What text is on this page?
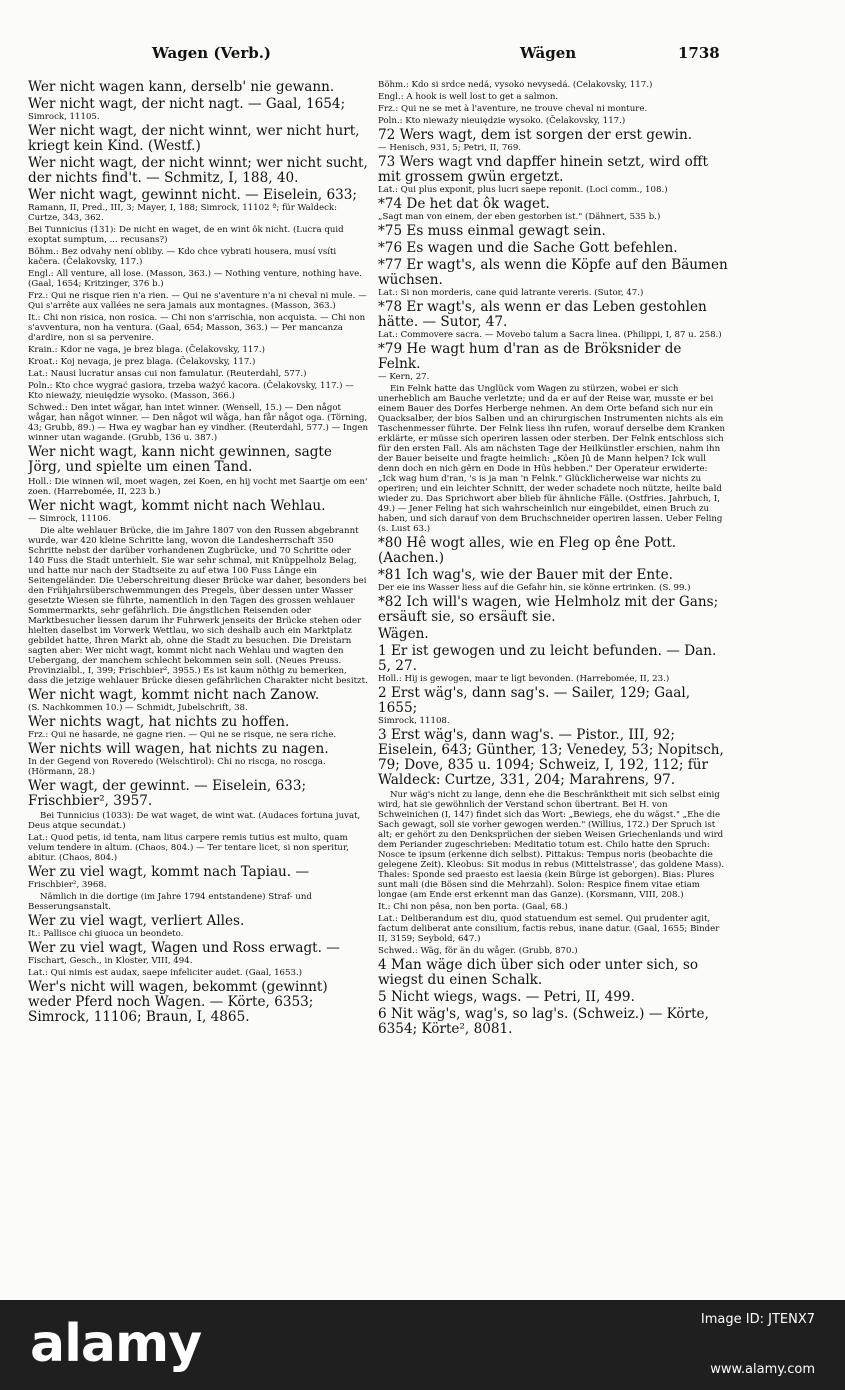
Wagen (Verb.)	Wägen	1738
Wer nicht wagen kann, derselb' nie gewann.
Wer nicht wagt, der nicht nagt. — Gaal, 1654;
Simrock, 11105.
Wer nicht wagt, der nicht winnt, wer nicht hurt, kriegt kein Kind. (Westf.)
Wer nicht wagt, der nicht winnt; wer nicht sucht, der nichts find't. — Schmitz, I, 188, 40.
Wer nicht wagt, gewinnt nicht. — Eiselein, 633;
Ramann, II, Pred., III, 3; Mayer, I, 188; Simrock, 11102 ª; für Waldeck: Curtze, 343, 362.
Bei Tunnicius (131): De nicht en waget, de en wint ôk nicht. (Lucra quid exoptat sumptum, ... recusans?)
Böhm.: Bez odvahy není obliby. — Kdo chce vybrati housera, musí vsíti kačera. (Čelakovsky, 117.)
Engl.: All venture, all lose. (Masson, 363.) — Nothing venture, nothing have. (Gaal, 1654; Kritzinger, 376 b.)
Frz.: Qui ne risque rien n'a rien. — Qui ne s'aventure n'a ni cheval ni mule. — Qui s'arrête aux vallées ne sera jamais aux montagnes. (Masson, 363.)
It.: Chi non risica, non rosica. — Chi non s'arrischia, non acquista. — Chi non s'avventura, non ha ventura. (Gaal, 654; Masson, 363.) — Per mancanza d'ardire, non si sa pervenire.
Krain.: Kdor ne vaga, je brez blaga. (Čelakovsky, 117.)
Kroat.: Koj nevaga, je prez blaga. (Čelakovsky, 117.)
Lat.: Nausi lucratur ansas cui non famulatur. (Reuterdahl, 577.)
Poln.: Kto chce wygrać gasiora, trzeba ważyć kacora. (Čelakovsky, 117.) — Kto nieważy, nieuiędzie wysoko. (Masson, 366.)
Schwed.: Den intet wågar, han intet winner. (Wensell, 15.) — Den något wågar, han något winner. — Den något wil wåga, han får något oga. (Törning, 43; Grubb, 89.) — Hwa ey wagbar han ey vindher. (Reuterdahl, 577.) — Ingen winner utan wagande. (Grubb, 136 u. 387.)
Wer nicht wagt, kann nicht gewinnen, sagte Jörg, und spielte um einen Tand.
Holl.: Die winnen wil, moet wagen, zei Koen, en hij vocht met Saartje om een' zoen. (Harrebomée, II, 223 b.)
Wer nicht wagt, kommt nicht nach Wehlau.
— Simrock, 11106.
Die alte wehlauer Brücke, die im Jahre 1807 von den Russen abgebrannt wurde, war 420 kleine Schritte lang, wovon die Landesherrschaft 350 Schritte nebst der darüber vorhandenen Zugbrücke, und 70 Schritte oder 140 Fuss die Stadt unterhielt. Sie war sehr schmal, mit Knüppelholz Belag, und hatte nur nach der Stadtseite zu auf etwa 100 Fuss Länge ein Seitengeländer. Die Ueberschreitung dieser Brücke war daher, besonders bei den Frühjahrsüberschwemmungen des Pregels, über dessen unter Wasser gesetzte Wiesen sie führte, namentlich in den Tagen des grossen wehlauer Sommermarkts, sehr gefährlich. Die ängstlichen Reisenden oder Marktbesucher liessen darum ihr Fuhrwerk jenseits der Brücke stehen oder hielten daselbst im Vorwerk Wettlau, wo sich deshalb auch ein Marktplatz gebildet hatte, Ihren Markt ab, ohne die Stadt zu besuchen. Die Dreistarn sagten aber: Wer nicht wagt, kommt nicht nach Wehlau und wagten den Uebergang, der manchem schlecht bekommen sein soll. (Neues Preuss. Provinzialbl., I, 399; Frischbier², 3955.) Es ist kaum nöthig zu bemerken, dass die jetzige wehlauer Brücke diesen gefährlichen Charakter nicht besitzt.
Wer nicht wagt, kommt nicht nach Zanow.
(S. Nachkommen 10.) — Schmidt, Jubelschrift, 38.
Wer nichts wagt, hat nichts zu hoffen.
Frz.: Qui ne hasarde, ne gagne rien. — Qui ne se risque, ne sera riche.
Wer nichts will wagen, hat nichts zu nagen.
In der Gegend von Roveredo (Welschtirol): Chi no riscga, no roscga. (Hörmann, 28.)
Wer wagt, der gewinnt. — Eiselein, 633; Frischbier², 3957.
Bei Tunnicius (1033): De wat waget, de wint wat. (Audaces fortuna juvat, Deus atque secundat.)
Lat.: Quod petis, id tenta, nam litus carpere remis tutius est multo, quam velum tendere in altum. (Chaos, 804.) — Ter tentare licet, si non speritur, abitur. (Chaos, 804.)
Wer zu viel wagt, kommt nach Tapiau. —
Frischbier², 3968.
Nämlich in die dortige (im Jahre 1794 entstandene) Straf- und Besserungsanstalt.
Wer zu viel wagt, verliert Alles.
It.: Pallisce chi giuoca un beondeto.
Wer zu viel wagt, Wagen und Ross erwagt. —
Fischart, Gesch., in Kloster, VIII, 494.
Lat.: Qui nimis est audax, saepe infeliciter audet. (Gaal, 1653.)
Wer's nicht will wagen, bekommt (gewinnt) weder Pferd noch Wagen. — Körte, 6353; Simrock, 11106; Braun, I, 4865.
Böhm.: Kdo si srdce nedá, vysoko nevysedá. (Čelakovsky, 117.)
Engl.: A hook is well lost to get a salmon.
Frz.: Qui ne se met à l'aventure, ne trouve cheval ni monture.
Poln.: Kto nieważy nieuiędzie wysoko. (Čelakovsky, 117.)
72 Wers wagt, dem ist sorgen der erst gewin.
— Henisch, 931, 5; Petri, II, 769.
73 Wers wagt vnd dapffer hinein setzt, wird offt mit grossem gwün ergetzt.
Lat.: Qui plus exponit, plus lucri saepe reponit. (Loci comm., 108.)
*74 De het dat ôk waget.
„Sagt man von einem, der eben gestorben ist." (Dähnert, 535 b.)
*75 Es muss einmal gewagt sein.
*76 Es wagen und die Sache Gott befehlen.
*77 Er wagt's, als wenn die Köpfe auf den Bäumen wüchsen.
Lat.: Si non morderis, cane quid latrante vereris. (Sutor, 47.)
*78 Er wagt's, als wenn er das Leben gestohlen hätte. — Sutor, 47.
Lat.: Commovere sacra. — Movebo talum a Sacra linea. (Philippi, I, 87 u. 258.)
*79 He wagt hum d'ran as de Bröksnider de Felnk.
— Kern, 27.
Ein Felnk hatte das Unglück vom Wagen zu stürzen, wobei er sich unerheblich am Bauche verletzte; und da er auf der Reise war, musste er bei einem Bauer des Dorfes Herberge nehmen. An dem Orte befand sich nur ein Quacksalber, der bios Salben und an chirurgischen Instrumenten nichts als ein Taschenmesser führte. Der Felnk liess ihn rufen, worauf derselbe dem Kranken erklärte, er müsse sich operiren lassen oder sterben. Der Felnk entschloss sich für den ersten Fall. Als am nächsten Tage der Heilkünstler erschien, nahm ihn der Bauer beiseite und fragte heimlich: „Kôen Jû de Mann helpen? Ick wull denn doch en nich gêrn en Dode in Hûs hebben." Der Operateur erwiderte: „Ick wag hum d'ran, 's is ja man 'n Felnk." Glücklicherweise war nichts zu operiren; und ein leichter Schnitt, der weder schadete noch nützte, heilte bald wieder zu. Das Sprichwort aber blieb für ähnliche Fälle. (Ostfries. Jahrbuch, I, 49.) — Jener Feling hat sich wahrscheinlich nur eingebildet, einen Bruch zu haben, und sich darauf von dem Bruchschneider operiren lassen. Ueber Feling (s. Lust 63.)
*80 Hê wogt alles, wie en Fleg op êne Pott. (Aachen.)
*81 Ich wag's, wie der Bauer mit der Ente.
Der eie ins Wasser liess auf die Gefahr hin, sie könne ertrinken. (S. 99.)
*82 Ich will's wagen, wie Helmholz mit der Gans; ersäuft sie, so ersäuft sie.
Wägen.
1 Er ist gewogen und zu leicht befunden. — Dan. 5, 27.
Holl.: Hij is gewogen, maar te ligt bevonden. (Harrebomée, II, 23.)
2 Erst wäg's, dann sag's. — Sailer, 129; Gaal, 1655;
Simrock, 11108.
3 Erst wäg's, dann wag's. — Pistor., III, 92; Eiselein, 643; Günther, 13; Venedey, 53; Nopitsch, 79; Dove, 835 u. 1094; Schweiz, I, 192, 112; für Waldeck: Curtze, 331, 204; Marahrens, 97.
Nur wäg's nicht zu lange, denn ehe die Beschränktheit mit sich selbst einig wird, hat sie gewöhnlich der Verstand schon übertrant. Bei H. von Schweinichen (I, 147) findet sich das Wort: „Bewiegs, ehe du wägst." „Ehe die Sach gewagt, soll sie vorher gewogen werden." (Willius, 172.) Der Spruch ist alt; er gehört zu den Denksprüchen der sieben Weisen Griechenlands und wird dem Periander zugeschrieben: Meditatio totum est. Chilo hatte den Spruch: Nosce te ipsum (erkenne dich selbst). Pittakus: Tempus noris (beobachte die gelegene Zeit). Kleobus: Sit modus in rebus (Mittelstrasse', das goldene Mass). Thales: Sponde sed praesto est laesia (kein Bürge ist geborgen). Bias: Plures sunt mali (die Bösen sind die Mehrzahl). Solon: Respice finem vitae etiam longae (am Ende erst erkennt man das Ganze). (Korsmann, VIII, 208.)
It.: Chi non pêsa, non ben porta. (Gaal, 68.)
Lat.: Deliberandum est diu, quod statuendum est semel. Qui prudenter agit, factum deliberat ante consilium, factis rebus, inane datur. (Gaal, 1655; Binder II, 3159; Seybold, 647.)
Schwed.: Wäg, för än du wåger. (Grubb, 870.)
4 Man wäge dich über sich oder unter sich, so wiegst du einen Schalk.
5 Nicht wiegs, wags. — Petri, II, 499.
6 Nit wäg's, wag's, so lag's. (Schweiz.) — Körte, 6354; Körte², 8081.
alamy	Image ID: JTENX7
www.alamy.com
